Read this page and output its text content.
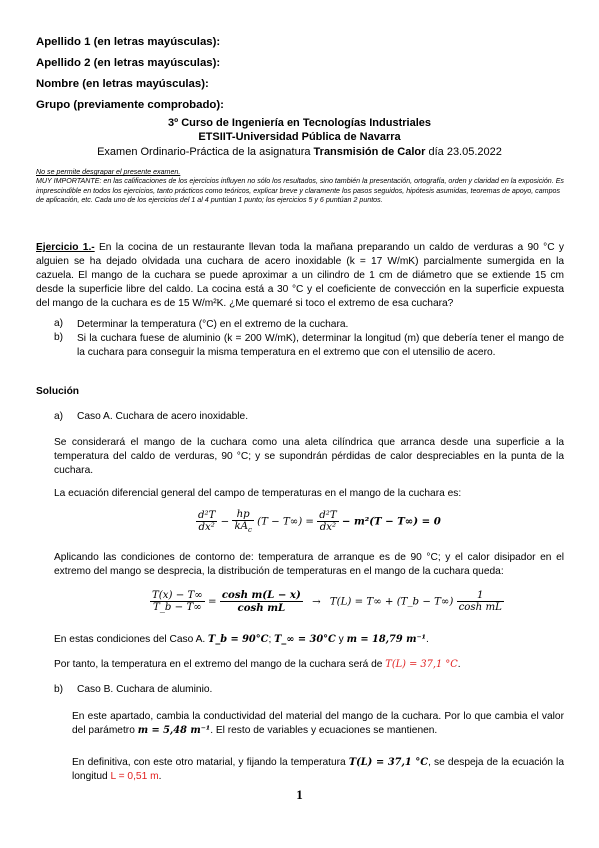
Apellido 1 (en letras mayúsculas):
Apellido 2 (en letras mayúsculas):
Nombre (en letras mayúsculas):
Grupo (previamente comprobado):
3º Curso de Ingeniería en Tecnologías Industriales
ETSIIT-Universidad Pública de Navarra
Examen Ordinario-Práctica de la asignatura Transmisión de Calor día 23.05.2022
No se permite desgrapar el presente examen.
MUY IMPORTANTE: en las calificaciones de los ejercicios influyen no sólo los resultados, sino también la presentación, ortografía, orden y claridad en la exposición. Es imprescindible en todos los ejercicios, tanto prácticos como teóricos, explicar breve y claramente los pasos seguidos, hipótesis asumidas, teoremas de apoyo, campos de aplicación, etc. Cada uno de los ejercicios del 1 al 4 puntúan 1 punto; los ejercicios 5 y 6 puntúan 2 puntos.
Ejercicio 1.- En la cocina de un restaurante llevan toda la mañana preparando un caldo de verduras a 90 °C y alguien se ha dejado olvidada una cuchara de acero inoxidable (k = 17 W/mK) parcialmente sumergida en la cazuela. El mango de la cuchara se puede aproximar a un cilindro de 1 cm de diámetro que se extiende 15 cm desde la superficie libre del caldo. La cocina está a 30 °C y el coeficiente de convección en la superficie expuesta del mango de la cuchara es de 15 W/m²K. ¿Me quemaré si toco el extremo de esa cuchara?
a) Determinar la temperatura (°C) en el extremo de la cuchara.
b) Si la cuchara fuese de aluminio (k = 200 W/mK), determinar la longitud (m) que debería tener el mango de la cuchara para conseguir la misma temperatura en el extremo que con el utensilio de acero.
Solución
a) Caso A. Cuchara de acero inoxidable.
Se considerará el mango de la cuchara como una aleta cilíndrica que arranca desde una superficie a la temperatura del caldo de verduras, 90 °C; y se supondrán pérdidas de calor despreciables en la punta de la cuchara.
La ecuación diferencial general del campo de temperaturas en el mango de la cuchara es:
$\frac{\text{d²T}}{\text{dx²}} - \frac{hp}{kA_c} (T - T\infty) = \frac{\text{d²T}}{\text{dx²}} - m^2(T - T\infty) = 0$
Aplicando las condiciones de contorno de: temperatura de arranque es de 90 °C; y el calor disipador en el extremo del mango se desprecia, la distribución de temperaturas en el mango de la cuchara queda:
$\frac{T(x) - T\infty}{T\_b - T\infty} = \frac{\text{cosh m(L − x)}}{\text{cosh mL}} \to T(L) = T\infty$ + (T_b − $T\infty) \frac{1}{\text{cosh mL}}$
En estas condiciones del Caso A. T_b = 90°C; T_∞ = 30°C y m = 18,79 m⁻¹.
Por tanto, la temperatura en el extremo del mango de la cuchara será de T(L) = 37,1 °C.
b) Caso B. Cuchara de aluminio.
En este apartado, cambia la conductividad del material del mango de la cuchara. Por lo que cambia el valor del parámetro m = 5,48 m⁻¹. El resto de variables y ecuaciones se mantienen.
En definitiva, con este otro matarial, y fijando la temperatura T(L) = 37,1 °C, se despeja de la ecuación la longitud L = 0,51 m.
1
